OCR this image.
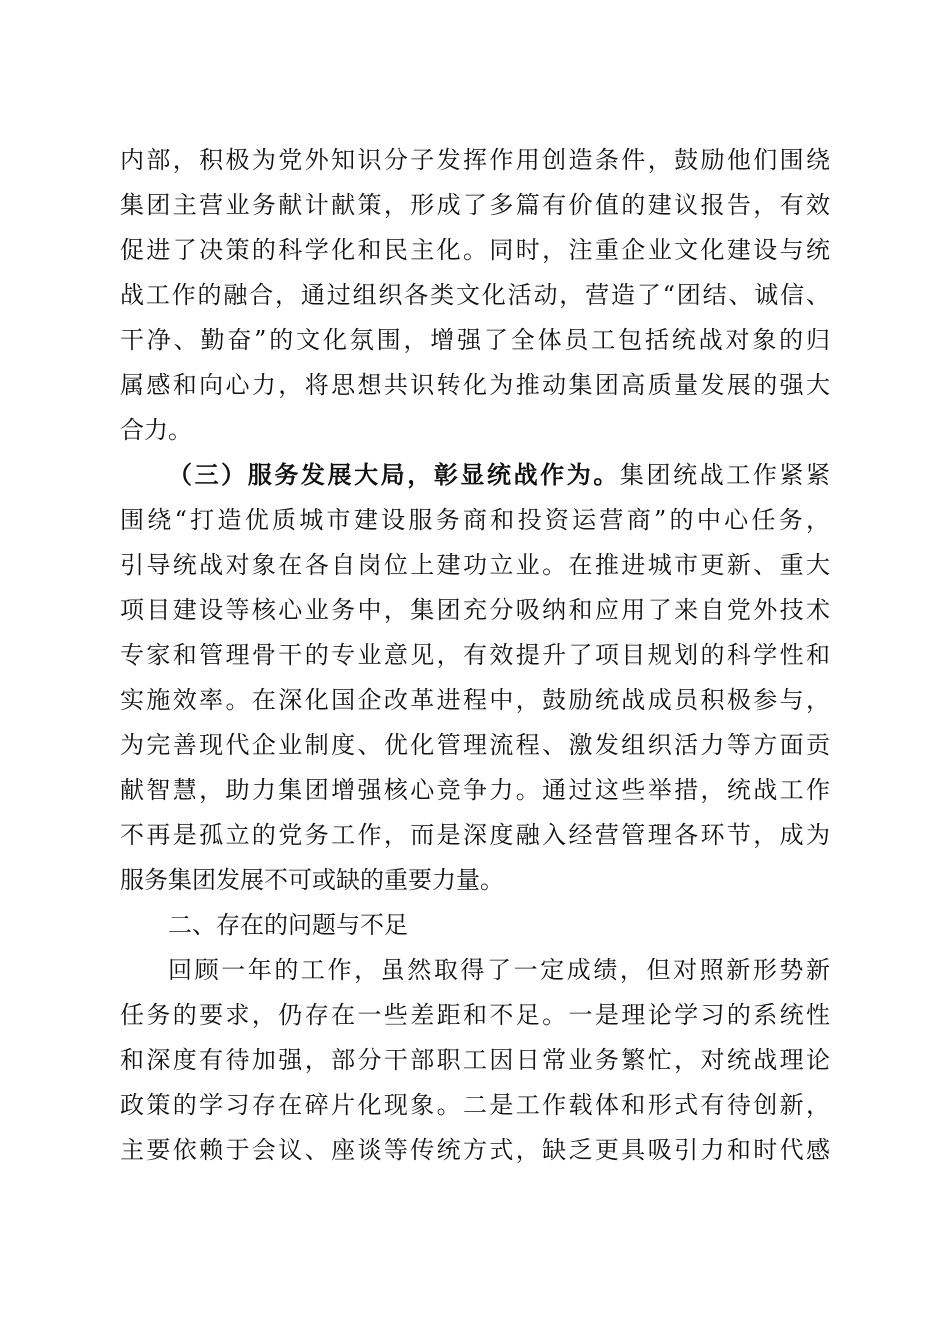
内部，积极为党外知识分子发挥作用创造条件，鼓励他们围绕
集团主营业务献计献策，形成了多篇有价值的建议报告，有效
促进了决策的科学化和民主化。同时，注重企业文化建设与统
战工作的融合，通过组织各类文化活动，营造了“团结、诚信、
干净、勤奋”的文化氛围，增强了全体员工包括统战对象的归
属感和向心力，将思想共识转化为推动集团高质量发展的强大
合力。
（三）服务发展大局，彰显统战作为。集团统战工作紧紧
围绕“打造优质城市建设服务商和投资运营商”的中心任务，
引导统战对象在各自岗位上建功立业。在推进城市更新、重大
项目建设等核心业务中，集团充分吸纳和应用了来自党外技术
专家和管理骨干的专业意见，有效提升了项目规划的科学性和
实施效率。在深化国企改革进程中，鼓励统战成员积极参与，
为完善现代企业制度、优化管理流程、激发组织活力等方面贡
献智慧，助力集团增强核心竞争力。通过这些举措，统战工作
不再是孤立的党务工作，而是深度融入经营管理各环节，成为
服务集团发展不可或缺的重要力量。
二、存在的问题与不足
回顾一年的工作，虽然取得了一定成绩，但对照新形势新
任务的要求，仍存在一些差距和不足。一是理论学习的系统性
和深度有待加强，部分干部职工因日常业务繁忙，对统战理论
政策的学习存在碎片化现象。二是工作载体和形式有待创新，
主要依赖于会议、座谈等传统方式，缺乏更具吸引力和时代感
